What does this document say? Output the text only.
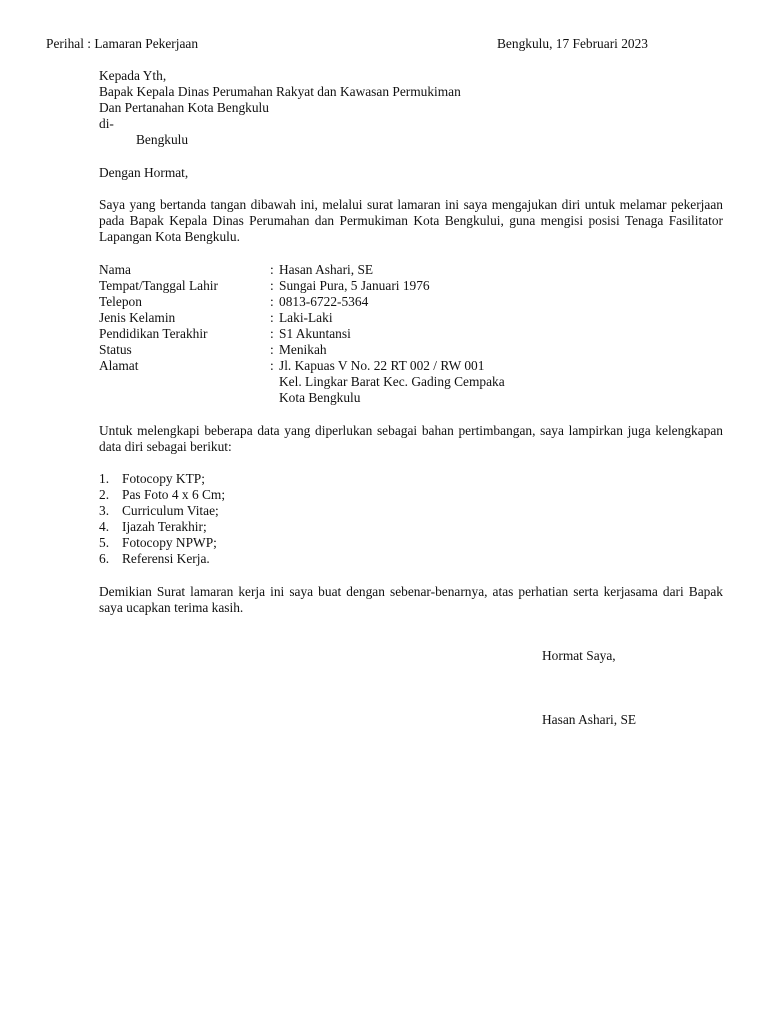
Perihal : Lamaran Pekerjaan	Bengkulu, 17 Februari 2023
Kepada Yth,
Bapak Kepala Dinas Perumahan Rakyat dan Kawasan Permukiman
Dan Pertanahan Kota Bengkulu
di-
Bengkulu
Dengan Hormat,
Saya yang bertanda tangan dibawah ini, melalui surat lamaran ini saya mengajukan diri untuk melamar pekerjaan pada Bapak Kepala Dinas Perumahan dan Permukiman Kota Bengkului, guna mengisi posisi Tenaga Fasilitator Lapangan Kota Bengkulu.
Nama	: Hasan Ashari, SE
Tempat/Tanggal Lahir	: Sungai Pura, 5 Januari 1976
Telepon	: 0813-6722-5364
Jenis Kelamin	: Laki-Laki
Pendidikan Terakhir	: S1 Akuntansi
Status	: Menikah
Alamat	: Jl. Kapuas V No. 22 RT 002 / RW 001
Kel. Lingkar Barat Kec. Gading Cempaka
Kota Bengkulu
Untuk melengkapi beberapa data yang diperlukan sebagai bahan pertimbangan, saya lampirkan juga kelengkapan data diri sebagai berikut:
1. Fotocopy KTP;
2. Pas Foto 4 x 6 Cm;
3. Curriculum Vitae;
4. Ijazah Terakhir;
5. Fotocopy NPWP;
6. Referensi Kerja.
Demikian Surat lamaran kerja ini saya buat dengan sebenar-benarnya, atas perhatian serta kerjasama dari Bapak saya ucapkan terima kasih.
Hormat Saya,
Hasan Ashari, SE
